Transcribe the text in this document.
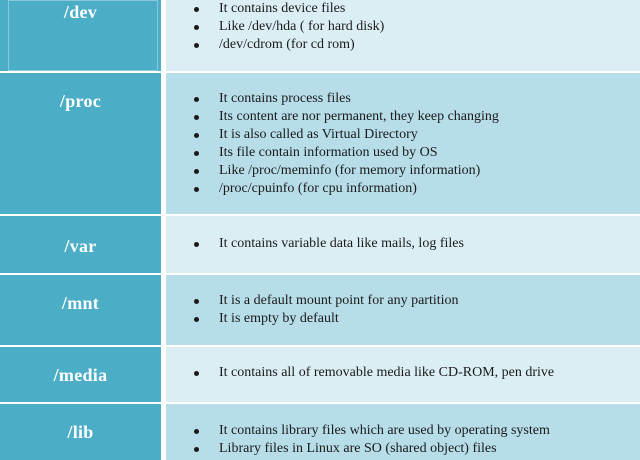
/dev	It contains device files
Like /dev/hda ( for hard disk)
/dev/cdrom (for cd rom)
/proc	It contains process files
Its content are nor permanent, they keep changing
It is also called as Virtual Directory
Its file contain information used by OS
Like /proc/meminfo (for memory information)
/proc/cpuinfo (for cpu information)
/var	It contains variable data like mails, log files
/mnt	It is a default mount point for any partition
It is empty by default
/media	It contains all of removable media like CD-ROM, pen drive
/lib	It contains library files which are used by operating system
Library files in Linux are SO (shared object) files
